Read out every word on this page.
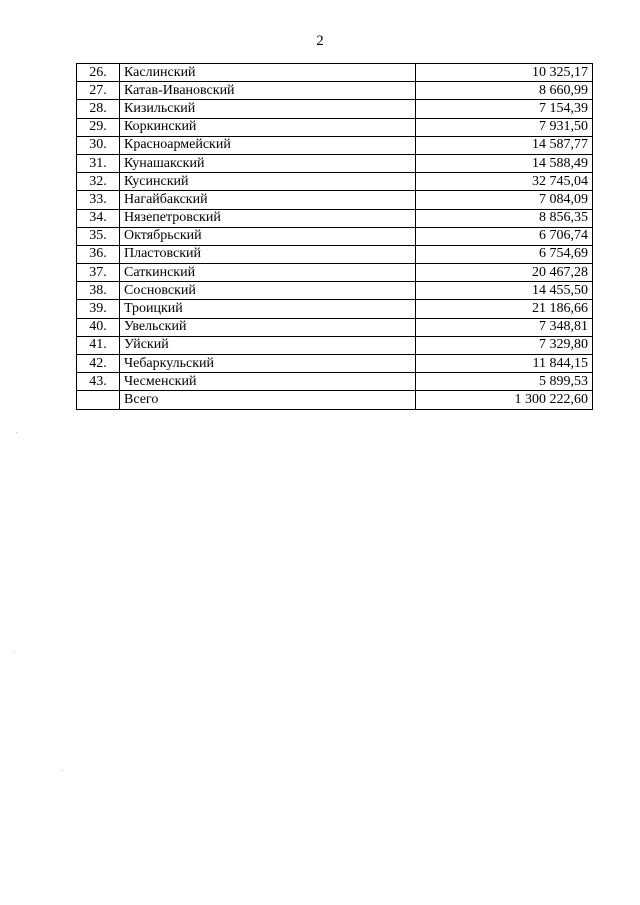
2
26.	Каслинский	10 325,17
27.	Катав-Ивановский	8 660,99
28.	Кизильский	7 154,39
29.	Коркинский	7 931,50
30.	Красноармейский	14 587,77
31.	Кунашакский	14 588,49
32.	Кусинский	32 745,04
33.	Нагайбакский	7 084,09
34.	Нязепетровский	8 856,35
35.	Октябрьский	6 706,74
36.	Пластовский	6 754,69
37.	Саткинский	20 467,28
38.	Сосновский	14 455,50
39.	Троицкий	21 186,66
40.	Увельский	7 348,81
41.	Уйский	7 329,80
42.	Чебаркульский	11 844,15
43.	Чесменский	5 899,53
	Всего	1 300 222,60
